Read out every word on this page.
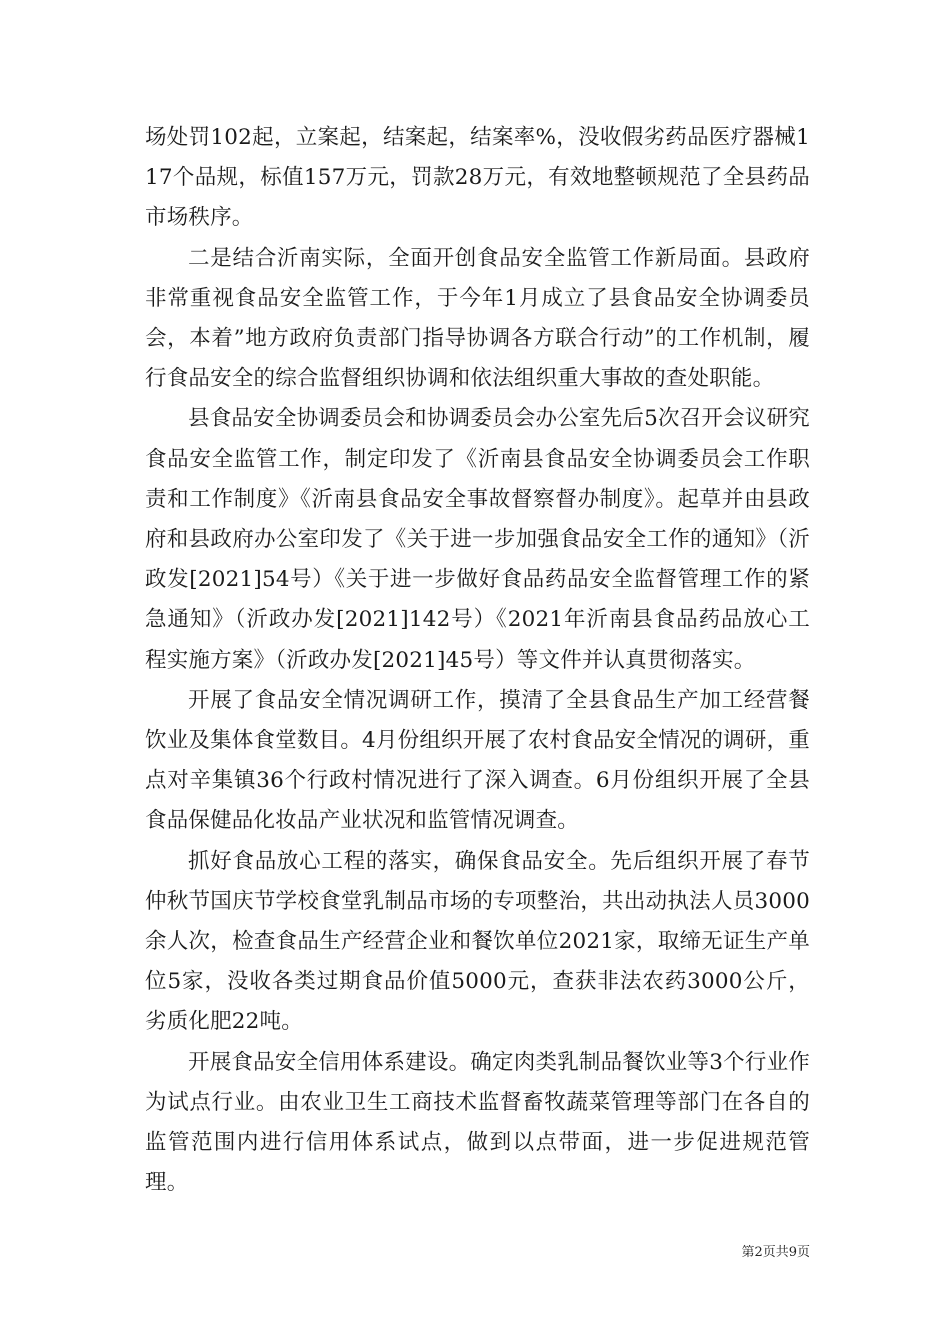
场处罚102起，立案起，结案起，结案率%，没收假劣药品医疗器械117个品规，标值157万元，罚款28万元，有效地整顿规范了全县药品市场秩序。

二是结合沂南实际，全面开创食品安全监管工作新局面。县政府非常重视食品安全监管工作，于今年1月成立了县食品安全协调委员会，本着”地方政府负责部门指导协调各方联合行动”的工作机制，履行食品安全的综合监督组织协调和依法组织重大事故的查处职能。

县食品安全协调委员会和协调委员会办公室先后5次召开会议研究食品安全监管工作，制定印发了《沂南县食品安全协调委员会工作职责和工作制度》《沂南县食品安全事故督察督办制度》。起草并由县政府和县政府办公室印发了《关于进一步加强食品安全工作的通知》（沂政发[2021]54号）《关于进一步做好食品药品安全监督管理工作的紧急通知》（沂政办发[2021]142号）《2021年沂南县食品药品放心工程实施方案》（沂政办发[2021]45号）等文件并认真贯彻落实。

开展了食品安全情况调研工作，摸清了全县食品生产加工经营餐饮业及集体食堂数目。4月份组织开展了农村食品安全情况的调研，重点对辛集镇36个行政村情况进行了深入调查。6月份组织开展了全县食品保健品化妆品产业状况和监管情况调查。

抓好食品放心工程的落实，确保食品安全。先后组织开展了春节仲秋节国庆节学校食堂乳制品市场的专项整治，共出动执法人员3000余人次，检查食品生产经营企业和餐饮单位2021家，取缔无证生产单位5家，没收各类过期食品价值5000元，查获非法农药3000公斤，劣质化肥22吨。

开展食品安全信用体系建设。确定肉类乳制品餐饮业等3个行业作为试点行业。由农业卫生工商技术监督畜牧蔬菜管理等部门在各自的监管范围内进行信用体系试点，做到以点带面，进一步促进规范管理。

第2页共9页
